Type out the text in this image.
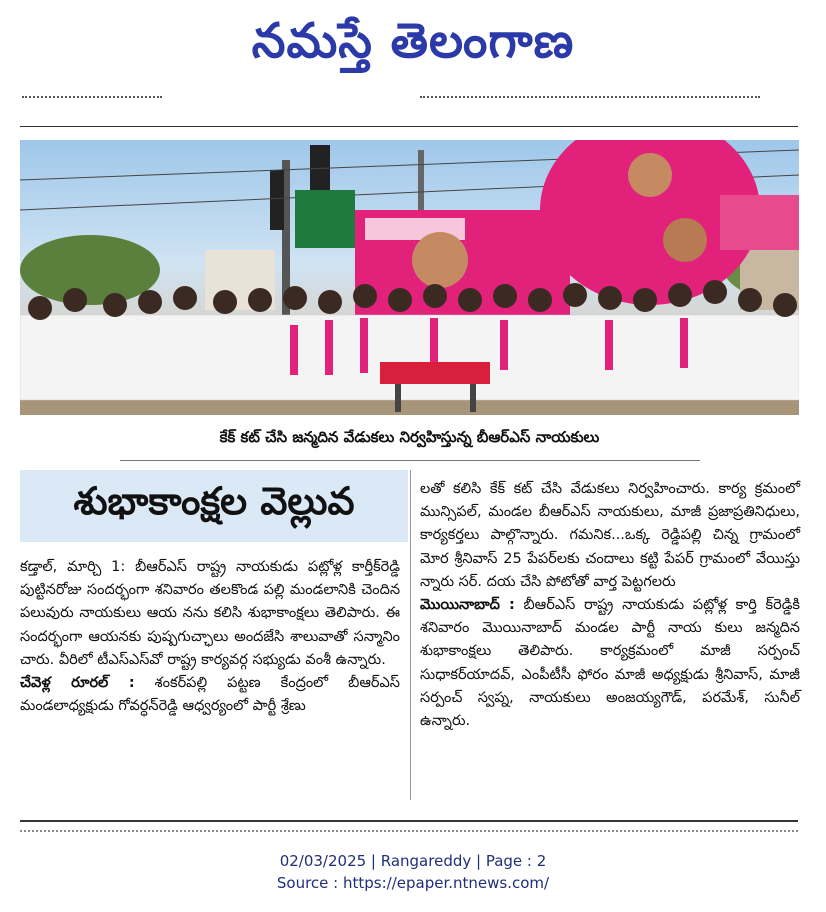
నమస్తే తెలంగాణ
కేక్ కట్ చేసి జన్మదిన వేడుకలు నిర్వహిస్తున్న బీఆర్ఎస్ నాయకులు
శుభాకాంక్షల వెల్లువ

కడ్తాల్, మార్చి 1: బీఆర్ఎస్ రాష్ట్ర నాయకుడు పట్లోళ్ల కార్తీక్‌రెడ్డి పుట్టినరోజు సందర్భంగా శనివారం తలకొండ పల్లి మండలానికి చెందిన పలువురు నాయకులు ఆయ నను కలిసి శుభాకాంక్షలు తెలిపారు. ఈ సందర్భంగా ఆయనకు పుష్పగుచ్ఛాలు అందజేసి శాలువాతో సన్మానిం చారు. వీరిలో టీఎస్ఎస్‌వో రాష్ట్ర కార్యవర్గ సభ్యుడు వంశీ ఉన్నారు.

చేవెళ్ల రూరల్ : శంకర్‌పల్లి పట్టణ కేంద్రంలో బీఆర్ఎస్ మండలాధ్యక్షుడు గోవర్ధన్‌రెడ్డి ఆధ్వర్యంలో పార్టీ శ్రేణు

లతో కలిసి కేక్ కట్ చేసి వేడుకలు నిర్వహించారు. కార్య క్రమంలో మున్సిపల్, మండల బీఆర్ఎస్ నాయకులు, మాజీ ప్రజాప్రతినిధులు, కార్యకర్తలు పాల్గొన్నారు. గమనిక...ఒక్క రెడ్డిపల్లి చిన్న గ్రామంలో మోర శ్రీనివాస్ 25 పేపర్‌లకు చందాలు కట్టి పేపర్ గ్రామంలో వేయిస్తు న్నారు సర్. దయ చేసి పోటోతో వార్త పెట్టగలరు

మొయినాబాద్ : బీఆర్ఎస్ రాష్ట్ర నాయకుడు పట్లోళ్ల కార్తి క్‌రెడ్డికి శనివారం మొయినాబాద్ మండల పార్టీ నాయ కులు జన్మదిన శుభాకాంక్షలు తెలిపారు. కార్యక్రమంలో మాజీ సర్పంచ్ సుధాకర్‌యాదవ్, ఎంపీటీసీ ఫోరం మాజీ అధ్యక్షుడు శ్రీనివాస్, మాజీ సర్పంచ్ స్వప్న, నాయకులు అంజయ్యగౌడ్, పరమేశ్, సునీల్ ఉన్నారు.

02/03/2025 | Rangareddy | Page : 2
Source : https://epaper.ntnews.com/
